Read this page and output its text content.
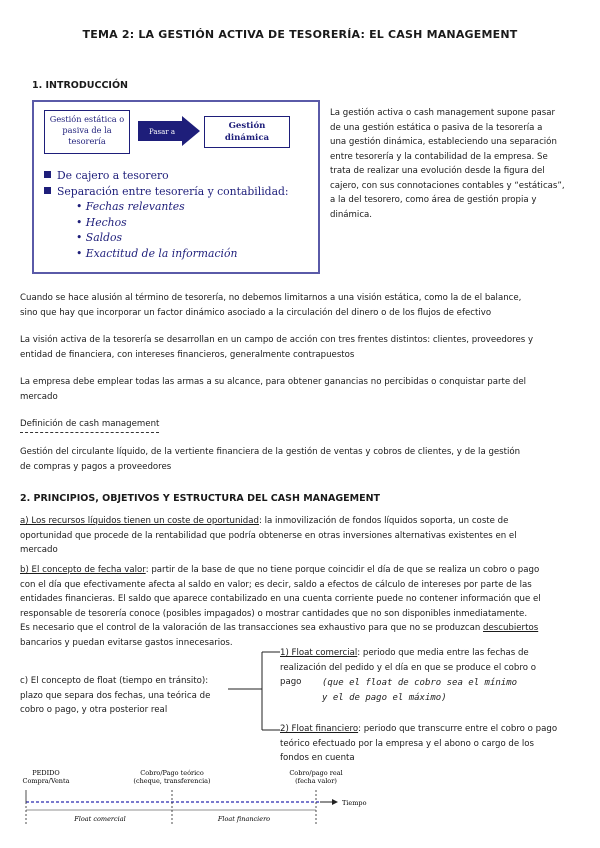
TEMA 2: LA GESTIÓN ACTIVA DE TESORERÍA: EL CASH MANAGEMENT
1. INTRODUCCIÓN
Gestión estática o pasiva de la tesorería
Pasar a
Gestión dinámica
De cajero a tesorero
Separación entre tesorería y contabilidad:
• Fechas relevantes
• Hechos
• Saldos
• Exactitud de la información
La gestión activa o cash management supone pasar
de una gestión estática o pasiva de la tesorería a
una gestión dinámica, estableciendo una separación
entre tesorería y la contabilidad de la empresa. Se
trata de realizar una evolución desde la figura del
cajero, con sus connotaciones contables y “estáticas”,
a la del tesorero, como área de gestión propia y
dinámica.
Cuando se hace alusión al término de tesorería, no debemos limitarnos a una visión estática, como la de el balance,
sino que hay que incorporar un factor dinámico asociado a la circulación del dinero o de los flujos de efectivo
La visión activa de la tesorería se desarrollan en un campo de acción con tres frentes distintos: clientes, proveedores y
entidad de financiera, con intereses financieros, generalmente contrapuestos
La empresa debe emplear todas las armas a su alcance, para obtener ganancias no percibidas o conquistar parte del
mercado
Definición de cash management
Gestión del circulante líquido, de la vertiente financiera de la gestión de ventas y cobros de clientes, y de la gestión
de compras y pagos a proveedores
2. PRINCIPIOS, OBJETIVOS Y ESTRUCTURA DEL CASH MANAGEMENT
a) Los recursos líquidos tienen un coste de oportunidad: la inmovilización de fondos líquidos soporta, un coste de
oportunidad que procede de la rentabilidad que podría obtenerse en otras inversiones alternativas existentes en el
mercado
b) El concepto de fecha valor: partir de la base de que no tiene porque coincidir el día de que se realiza un cobro o pago
con el día que efectivamente afecta al saldo en valor; es decir, saldo a efectos de cálculo de intereses por parte de las
entidades financieras. El saldo que aparece contabilizado en una cuenta corriente puede no contener información que el
responsable de tesorería conoce (posibles impagados) o mostrar cantidades que no son disponibles inmediatamente.
Es necesario que el control de la valoración de las transacciones sea exhaustivo para que no se produzcan descubiertos
bancarios y puedan evitarse gastos innecesarios.
c) El concepto de float (tiempo en tránsito):
plazo que separa dos fechas, una teórica de
cobro o pago, y otra posterior real
1) Float comercial: periodo que media entre las fechas de
realización del pedido y el día en que se produce el cobro o
pago	(que el float de cobro sea el mínimo
y el de pago el máximo)
2) Float financiero: periodo que transcurre entre el cobro o pago
teórico efectuado por la empresa y el abono o cargo de los
fondos en cuenta
PEDIDO
Compra/Venta
Cobro/Pago teórico
(cheque, transferencia)
Cobro/pago real
(fecha valor)
Tiempo
Float comercial	Float financiero
